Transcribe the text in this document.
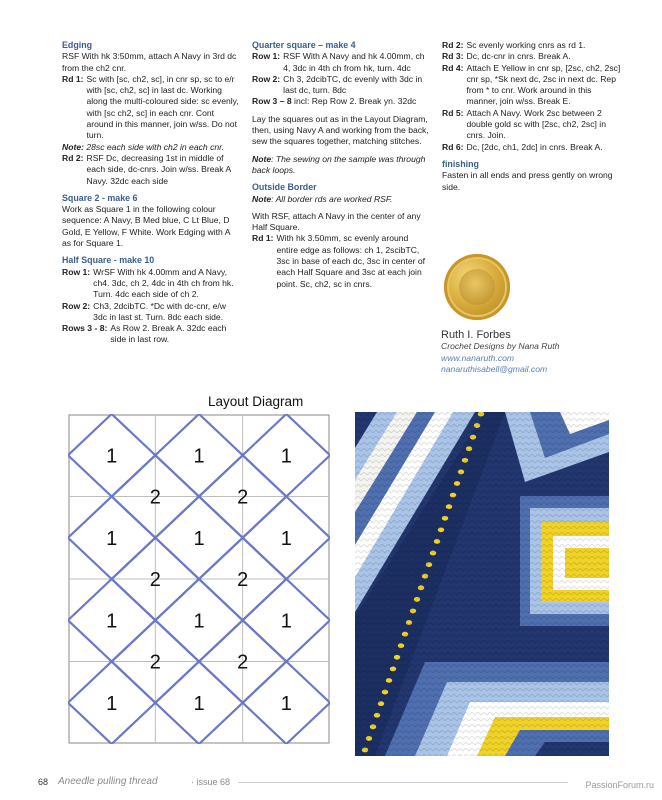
Edging

RSF With hk 3:50mm, attach A Navy in 3rd dc from the ch2 cnr.

Rd 1: Sc with [sc, ch2, sc], in cnr sp, sc to e/r with [sc, ch2, sc] in last dc. Working along the multi-coloured side: sc evenly, with [sc ch2, sc] in each cnr. Cont around in this manner, join w/ss. Do not turn.

Note: 28sc each side with ch2 in each cnr.

Rd 2: RSF Dc, decreasing 1st in middle of each side, dc-cnrs. Join w/ss. Break A Navy. 32dc each side

Square 2 - make 6

Work as Square 1 in the following colour sequence: A Navy, B Med blue, C Lt Blue, D Gold, E Yellow, F White. Work Edging with A as for Square 1.

Half Square - make 10

Row 1: WrSF With hk 4.00mm and A Navy, ch4. 3dc, ch 2, 4dc in 4th ch from hk. Turn. 4dc each side of ch 2.
Row 2: Ch3, 2dcibTC. *Dc with dc-cnr, e/w 3dc in last st. Turn. 8dc each side.
Rows 3 - 8: As Row 2. Break A. 32dc each side in last row.

Quarter square – make 4

Row 1: RSF With A Navy and hk 4.00mm, ch 4, 3dc in 4th ch from hk, turn. 4dc
Row 2: Ch 3, 2dcibTC, dc evenly with 3dc in last dc, turn. 8dc

Row 3 – 8 incl: Rep Row 2. Break yn. 32dc

Lay the squares out as in the Layout Diagram, then, using Navy A and working from the back, sew the squares together, matching stitches.

Note: The sewing on the sample was through back loops.

Outside Border

Note: All border rds are worked RSF.

With RSF, attach A Navy in the center of any Half Square.

Rd 1: With hk 3.50mm, sc evenly around entire edge as follows: ch 1, 2scibTC, 3sc in base of each dc, 3sc in center of each Half Square and 3sc at each join point. Sc, ch2, sc in cnrs.
Rd 2: Sc evenly working cnrs as rd 1.
Rd 3: Dc, dc-cnr in cnrs. Break A.
Rd 4: Attach E Yellow in cnr sp, [2sc, ch2, 2sc] cnr sp, *Sk next dc, 2sc in next dc. Rep from * to cnr. Work around in this manner, join w/ss. Break E.
Rd 5: Attach A Navy. Work 2sc between 2 double gold sc with [2sc, ch2, 2sc] in cnrs. Join.
Rd 6: Dc, [2dc, ch1, 2dc] in cnrs. Break A.

finishing

Fasten in all ends and press gently on wrong side.

Ruth I. Forbes
Crochet Designs by Nana Ruth
www.nanaruth.com
nanaruthisabell@gmail.com
Layout Diagram
1	1	1
2	2
1	1	1
2	2
1	1	1
2	2
1	1	1
68 Aneedle pulling thread	· issue 68	PassionForum.ru
